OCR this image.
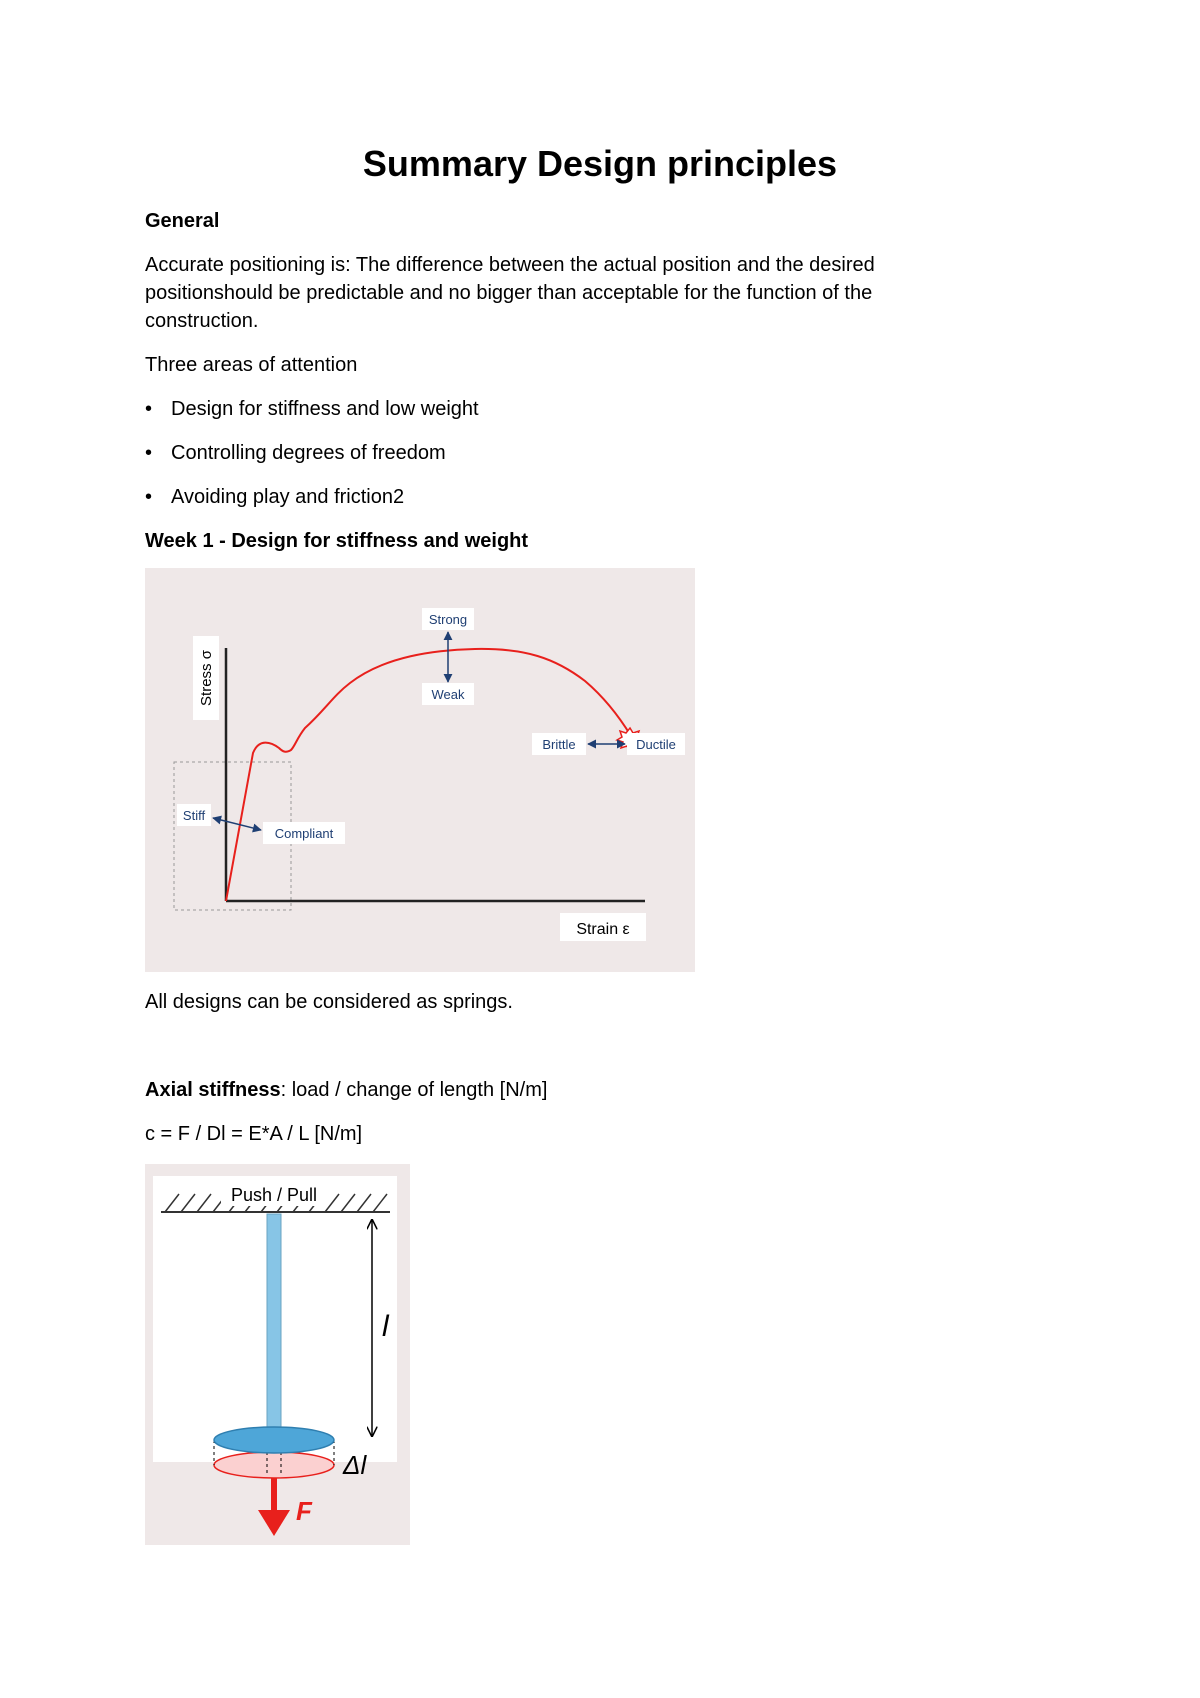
Summary Design principles
General
Accurate positioning is: The difference between the actual position and the desired
positionshould be predictable and no bigger than acceptable for the function of the
construction.
Three areas of attention
• Design for stiffness and low weight
• Controlling degrees of freedom
• Avoiding play and friction2
Week 1 - Design for stiffness and weight
Stress σ
Strain ε
Strong
Weak
Brittle	Ductile
Stiff
Compliant
All designs can be considered as springs.
Axial stiffness: load / change of length [N/m]
c = F / Dl = E*A / L [N/m]
Push / Pull
l
Δl
F
